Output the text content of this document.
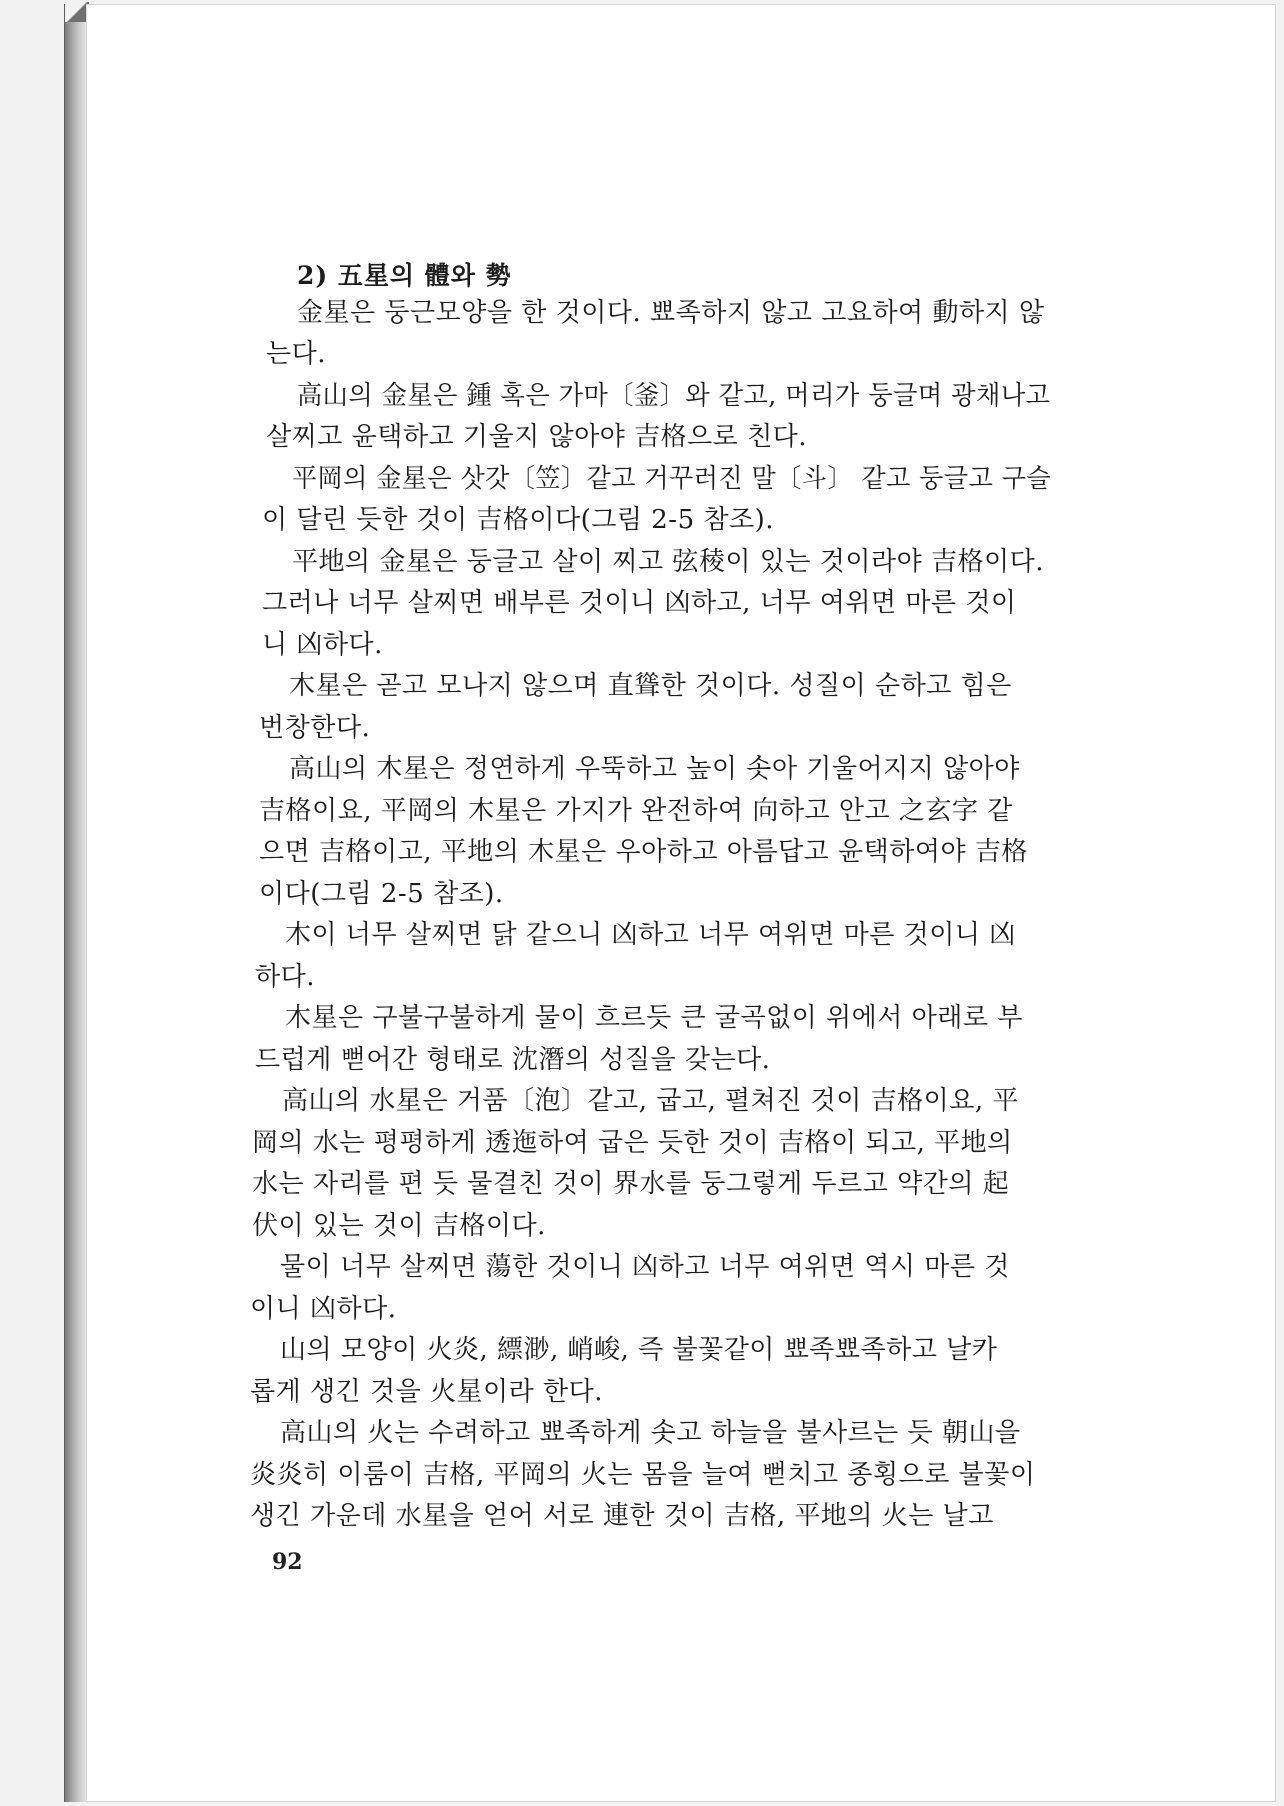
2) 五星의 體와 勢
金星은 둥근모양을 한 것이다. 뾰족하지 않고 고요하여 動하지 않
는다.
高山의 金星은 鍾 혹은 가마〔釜〕와 같고, 머리가 둥글며 광채나고
살찌고 윤택하고 기울지 않아야 吉格으로 친다.
平岡의 金星은 삿갓〔笠〕같고 거꾸러진 말〔斗〕 같고 둥글고 구슬
이 달린 듯한 것이 吉格이다(그림 2-5 참조).
平地의 金星은 둥글고 살이 찌고 弦稜이 있는 것이라야 吉格이다.
그러나 너무 살찌면 배부른 것이니 凶하고, 너무 여위면 마른 것이
니 凶하다.
木星은 곧고 모나지 않으며 直聳한 것이다. 성질이 순하고 힘은
번창한다.
高山의 木星은 정연하게 우뚝하고 높이 솟아 기울어지지 않아야
吉格이요, 平岡의 木星은 가지가 완전하여 向하고 안고 之玄字 같
으면 吉格이고, 平地의 木星은 우아하고 아름답고 윤택하여야 吉格
이다(그림 2-5 참조).
木이 너무 살찌면 닭 같으니 凶하고 너무 여위면 마른 것이니 凶
하다.
木星은 구불구불하게 물이 흐르듯 큰 굴곡없이 위에서 아래로 부
드럽게 뻗어간 형태로 沈潛의 성질을 갖는다.
高山의 水星은 거품〔泡〕같고, 굽고, 펼쳐진 것이 吉格이요, 平
岡의 水는 평평하게 透迤하여 굽은 듯한 것이 吉格이 되고, 平地의
水는 자리를 편 듯 물결친 것이 界水를 둥그렇게 두르고 약간의 起
伏이 있는 것이 吉格이다.
물이 너무 살찌면 蕩한 것이니 凶하고 너무 여위면 역시 마른 것
이니 凶하다.
山의 모양이 火炎, 縹渺, 峭峻, 즉 불꽃같이 뾰족뾰족하고 날카
롭게 생긴 것을 火星이라 한다.
高山의 火는 수려하고 뾰족하게 솟고 하늘을 불사르는 듯 朝山을
炎炎히 이룸이 吉格, 平岡의 火는 몸을 늘여 뻗치고 종횡으로 불꽃이
생긴 가운데 水星을 얻어 서로 連한 것이 吉格, 平地의 火는 날고
92
